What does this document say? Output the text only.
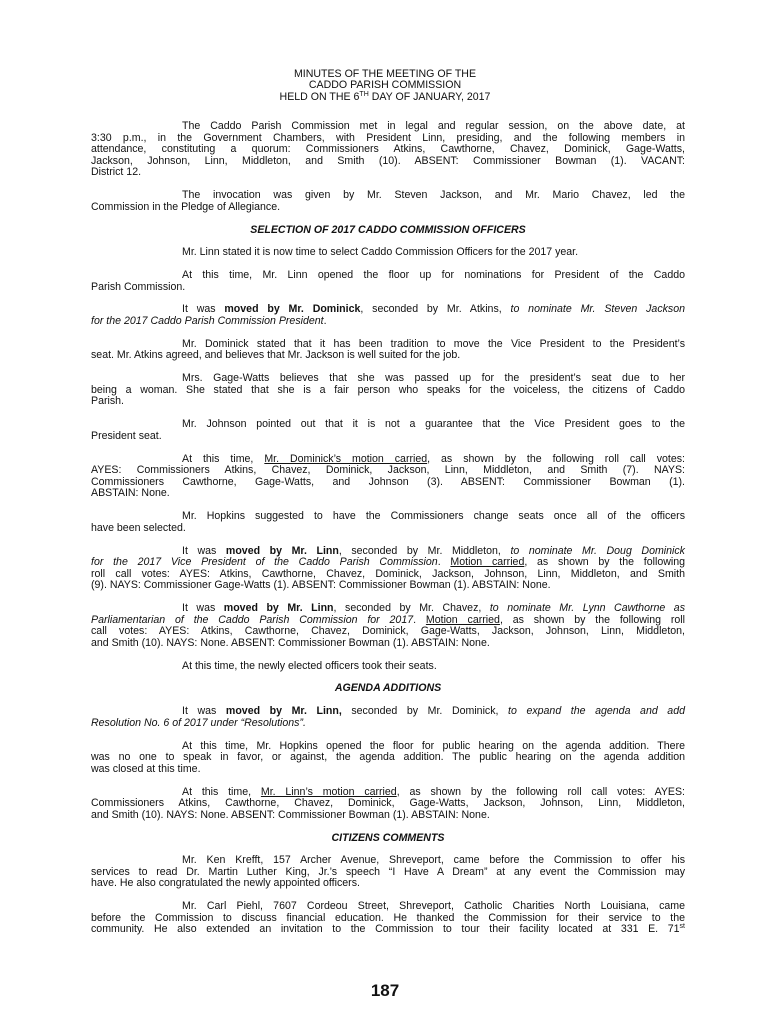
MINUTES OF THE MEETING OF THE
CADDO PARISH COMMISSION
HELD ON THE 6TH DAY OF JANUARY, 2017
The Caddo Parish Commission met in legal and regular session, on the above date, at
3:30 p.m., in the Government Chambers, with President Linn, presiding, and the following members in
attendance, constituting a quorum: Commissioners Atkins, Cawthorne, Chavez, Dominick, Gage-Watts,
Jackson, Johnson, Linn, Middleton, and Smith (10). ABSENT: Commissioner Bowman (1). VACANT:
District 12.
The invocation was given by Mr. Steven Jackson, and Mr. Mario Chavez, led the
Commission in the Pledge of Allegiance.
SELECTION OF 2017 CADDO COMMISSION OFFICERS
Mr. Linn stated it is now time to select Caddo Commission Officers for the 2017 year.
At this time, Mr. Linn opened the floor up for nominations for President of the Caddo
Parish Commission.
It was moved by Mr. Dominick, seconded by Mr. Atkins, to nominate Mr. Steven Jackson
for the 2017 Caddo Parish Commission President.
Mr. Dominick stated that it has been tradition to move the Vice President to the President’s
seat. Mr. Atkins agreed, and believes that Mr. Jackson is well suited for the job.
Mrs. Gage-Watts believes that she was passed up for the president’s seat due to her
being a woman. She stated that she is a fair person who speaks for the voiceless, the citizens of Caddo
Parish.
Mr. Johnson pointed out that it is not a guarantee that the Vice President goes to the
President seat.
At this time, Mr. Dominick’s motion carried, as shown by the following roll call votes:
AYES: Commissioners Atkins, Chavez, Dominick, Jackson, Linn, Middleton, and Smith (7). NAYS:
Commissioners Cawthorne, Gage-Watts, and Johnson (3). ABSENT: Commissioner Bowman (1).
ABSTAIN: None.
Mr. Hopkins suggested to have the Commissioners change seats once all of the officers
have been selected.
It was moved by Mr. Linn, seconded by Mr. Middleton, to nominate Mr. Doug Dominick
for the 2017 Vice President of the Caddo Parish Commission. Motion carried, as shown by the following
roll call votes: AYES: Atkins, Cawthorne, Chavez, Dominick, Jackson, Johnson, Linn, Middleton, and Smith
(9). NAYS: Commissioner Gage-Watts (1). ABSENT: Commissioner Bowman (1). ABSTAIN: None.
It was moved by Mr. Linn, seconded by Mr. Chavez, to nominate Mr. Lynn Cawthorne as
Parliamentarian of the Caddo Parish Commission for 2017. Motion carried, as shown by the following roll
call votes: AYES: Atkins, Cawthorne, Chavez, Dominick, Gage-Watts, Jackson, Johnson, Linn, Middleton,
and Smith (10). NAYS: None. ABSENT: Commissioner Bowman (1). ABSTAIN: None.
At this time, the newly elected officers took their seats.
AGENDA ADDITIONS
It was moved by Mr. Linn, seconded by Mr. Dominick, to expand the agenda and add
Resolution No. 6 of 2017 under “Resolutions”.
At this time, Mr. Hopkins opened the floor for public hearing on the agenda addition. There
was no one to speak in favor, or against, the agenda addition. The public hearing on the agenda addition
was closed at this time.
At this time, Mr. Linn’s motion carried, as shown by the following roll call votes: AYES:
Commissioners Atkins, Cawthorne, Chavez, Dominick, Gage-Watts, Jackson, Johnson, Linn, Middleton,
and Smith (10). NAYS: None. ABSENT: Commissioner Bowman (1). ABSTAIN: None.
CITIZENS COMMENTS
Mr. Ken Krefft, 157 Archer Avenue, Shreveport, came before the Commission to offer his
services to read Dr. Martin Luther King, Jr.’s speech “I Have A Dream” at any event the Commission may
have. He also congratulated the newly appointed officers.
Mr. Carl Piehl, 7607 Cordeou Street, Shreveport, Catholic Charities North Louisiana, came
before the Commission to discuss financial education. He thanked the Commission for their service to the
community. He also extended an invitation to the Commission to tour their facility located at 331 E. 71st
187
